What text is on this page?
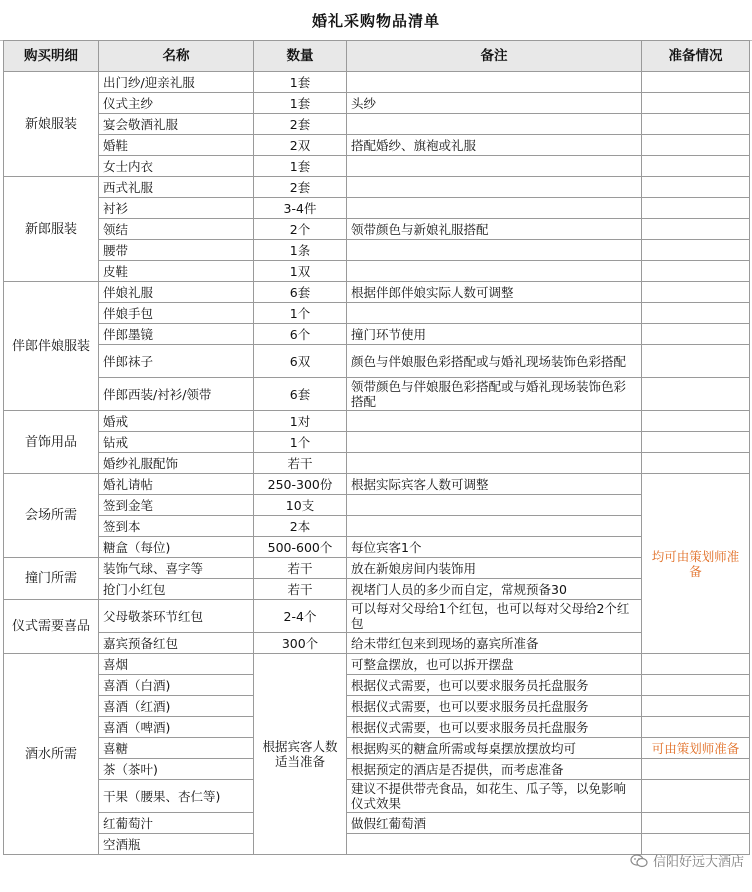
婚礼采购物品清单
购买明细	名称	数量	备注	准备情况
新娘服装	出门纱/迎亲礼服	1套		
	仪式主纱	1套	头纱	
	宴会敬酒礼服	2套		
	婚鞋	2双	搭配婚纱、旗袍或礼服	
	女士内衣	1套		
新郎服装	西式礼服	2套		
	衬衫	3-4件		
	领结	2个	领带颜色与新娘礼服搭配	
	腰带	1条		
	皮鞋	1双		
伴郎伴娘服装	伴娘礼服	6套	根据伴郎伴娘实际人数可调整	
	伴娘手包	1个		
	伴郎墨镜	6个	撞门环节使用	
	伴郎袜子	6双	颜色与伴娘服色彩搭配或与婚礼现场装饰色彩搭配	
	伴郎西装/衬衫/领带	6套	领带颜色与伴娘服色彩搭配或与婚礼现场装饰色彩搭配	
首饰用品	婚戒	1对		
	钻戒	1个		
	婚纱礼服配饰	若干		
会场所需	婚礼请帖	250-300份	根据实际宾客人数可调整	均可由策划师准备
	签到金笔	10支		
	签到本	2本		
	糖盒（每位)	500-600个	每位宾客1个	
撞门所需	装饰气球、喜字等	若干	放在新娘房间内装饰用	
	抢门小红包	若干	视堵门人员的多少而自定，常规预备30	
仪式需要喜品	父母敬茶环节红包	2-4个	可以每对父母给1个红包，也可以每对父母给2个红包	
	嘉宾预备红包	300个	给未带红包来到现场的嘉宾所准备	
酒水所需	喜烟	根据宾客人数适当准备	可整盒摆放，也可以拆开摆盘	
	喜酒（白酒)		根据仪式需要，也可以要求服务员托盘服务	
	喜酒（红酒)		根据仪式需要，也可以要求服务员托盘服务	
	喜酒（啤酒)		根据仪式需要，也可以要求服务员托盘服务	
	喜糖		根据购买的糖盒所需或每桌摆放摆放均可	可由策划师准备
	茶（茶叶)		根据预定的酒店是否提供，而考虑准备	
	干果（腰果、杏仁等)		建议不提供带壳食品，如花生、瓜子等，以免影响仪式效果	
	红葡萄汁		做假红葡萄酒	
	空酒瓶			
信阳好远大酒店
